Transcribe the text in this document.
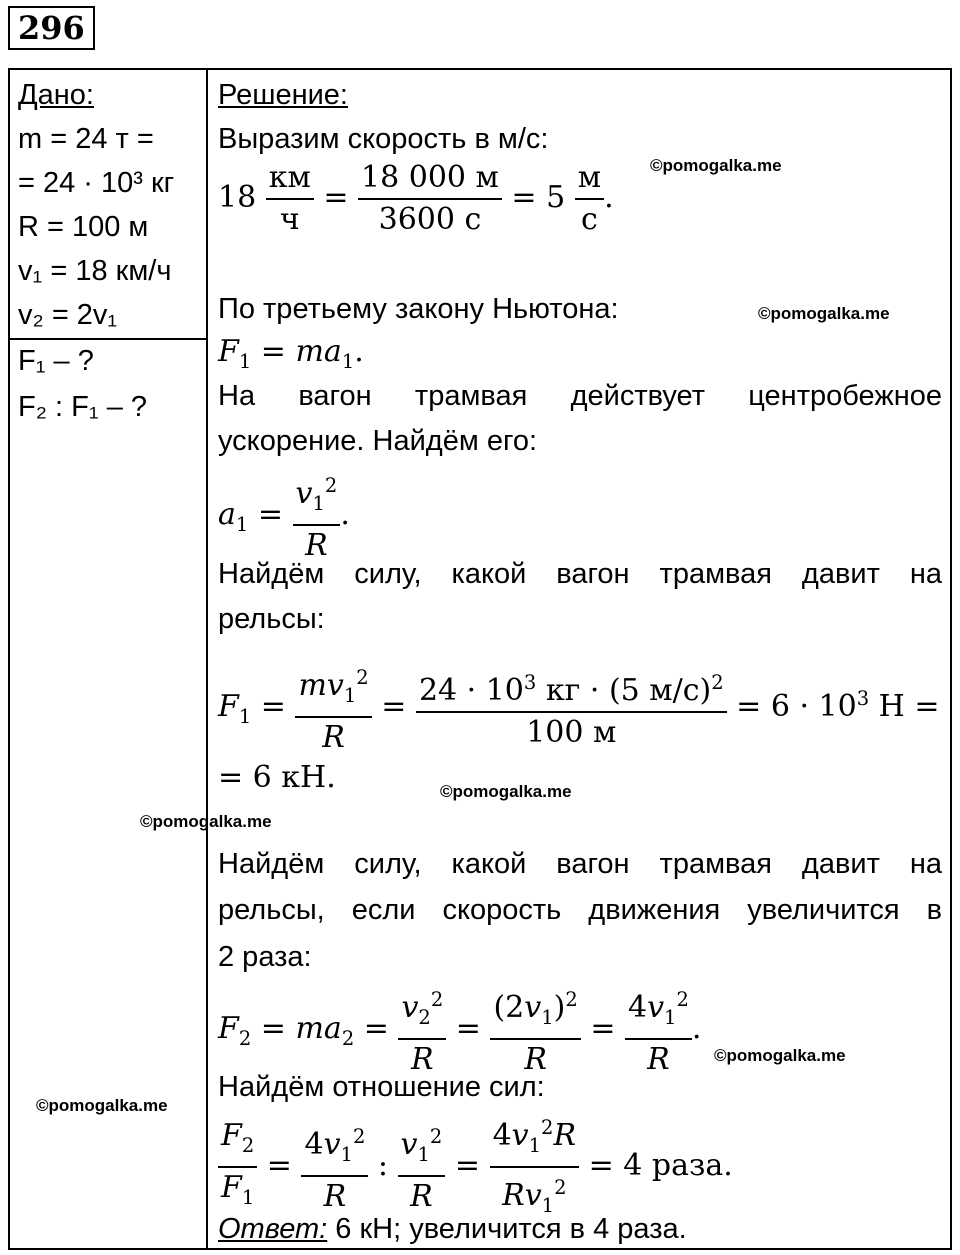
296
Дано:
m = 24 т =
= 24 · 10³ кг
R = 100 м
v₁ = 18 км/ч
v₂ = 2v₁
F₁ – ?
F₂ : F₁ – ?
Решение:
Выразим скорость в м/с:
$18 \frac{км}{ч} = \frac{18 000 м}{3600 с} = 5 \frac{м}{с}$ .
По третьему закону Ньютона:
$F_1 = ma_1$.
На вагон трамвая действует центробежное
ускорение. Найдём его:
$a_1 = \frac{v_1^2}{R}$ .
Найдём силу, какой вагон трамвая давит на
рельсы:
$F_1 = \frac{mv_1^2}{R} = \frac{24 \cdot 10^3 кг \cdot (5 м/с)^2}{100 м} = 6 \cdot 10^3$ Н =
= 6 кН.
Найдём силу, какой вагон трамвая давит на
рельсы, если скорость движения увеличится в
2 раза:
$F_2 = ma_2 = \frac{v_2^2}{R} = \frac{(2v_1)^2}{R} = \frac{4v_1^2}{R}$ .
Найдём отношение сил:
$\frac{F_2}{F_1} = \frac{4v_1^2}{R}$ : $\frac{v_1^2}{R} = \frac{4v_1^2R}{Rv_1^2} = 4$ раза.
Ответ: 6 кН; увеличится в 4 раза.
©pomogalka.me
©pomogalka.me
©pomogalka.me
©pomogalka.me
©pomogalka.me
©pomogalka.me
